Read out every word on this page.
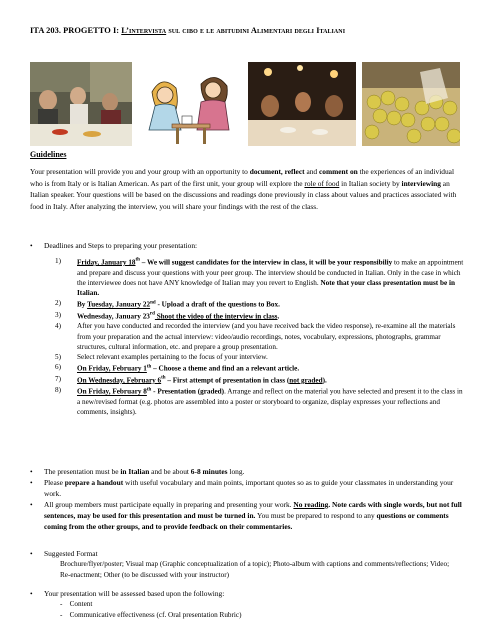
ITA 203. PROGETTO I: L’intervista sul cibo e le abitudini Alimentari degli Italiani
Guidelines
Your presentation will provide you and your group with an opportunity to document, reflect and comment on the experiences of an individual who is from Italy or is Italian American. As part of the first unit, your group will explore the role of food in Italian society by interviewing an Italian speaker. Your questions will be based on the discussions and readings done previously in class about values and practices associated with food in Italy. After analyzing the interview, you will share your findings with the rest of the class.
• Deadlines and Steps to preparing your presentation:
1) Friday, January 18th – We will suggest candidates for the interview in class, it will be your responsibiliy to make an appointment and prepare and discuss your questions with your peer group. The interview should be conducted in Italian. Only in the case in which the interviewee does not have ANY knowledge of Italian may you revert to English. Note that your class presentation must be in Italian.
2) By Tuesday, January 22nd - Upload a draft of the questions to Box.
3) Wednesday, January 23rd Shoot the video of the interview in class.
4) After you have conducted and recorded the interview (and you have received back the video response), re-examine all the materials from your preparation and the actual interview: video/audio recordings, notes, vocabulary, expressions, photographs, grammar structures, cultural information, etc. and prepare a group presentation.
5) Select relevant examples pertaining to the focus of your interview.
6) On Friday, February 1th – Choose a theme and find an a relevant article.
7) On Wednesday, February 6th – First attempt of presentation in class (not graded).
8) On Friday, February 8th - Presentation (graded). Arrange and reflect on the material you have selected and present it to the class in a new/revised format (e.g. photos are assembled into a poster or storyboard to organize, display expresses your reflections and comments, insights).
• The presentation must be in Italian and be about 6-8 minutes long.
• Please prepare a handout with useful vocabulary and main points, important quotes so as to guide your classmates in understanding your work.
• All group members must participate equally in preparing and presenting your work. No reading. Note cards with single words, but not full sentences, may be used for this presentation and must be turned in. You must be prepared to respond to any questions or comments coming from the other groups, and to provide feedback on their commentaries.
• Suggested Format
Brochure/flyer/poster; Visual map (Graphic conceptualization of a topic); Photo-album with captions and comments/reflections; Video; Re-enactment; Other (to be discussed with your instructor)
• Your presentation will be assessed based upon the following:
-    Content
-    Communicative effectiveness (cf. Oral presentation Rubric)
